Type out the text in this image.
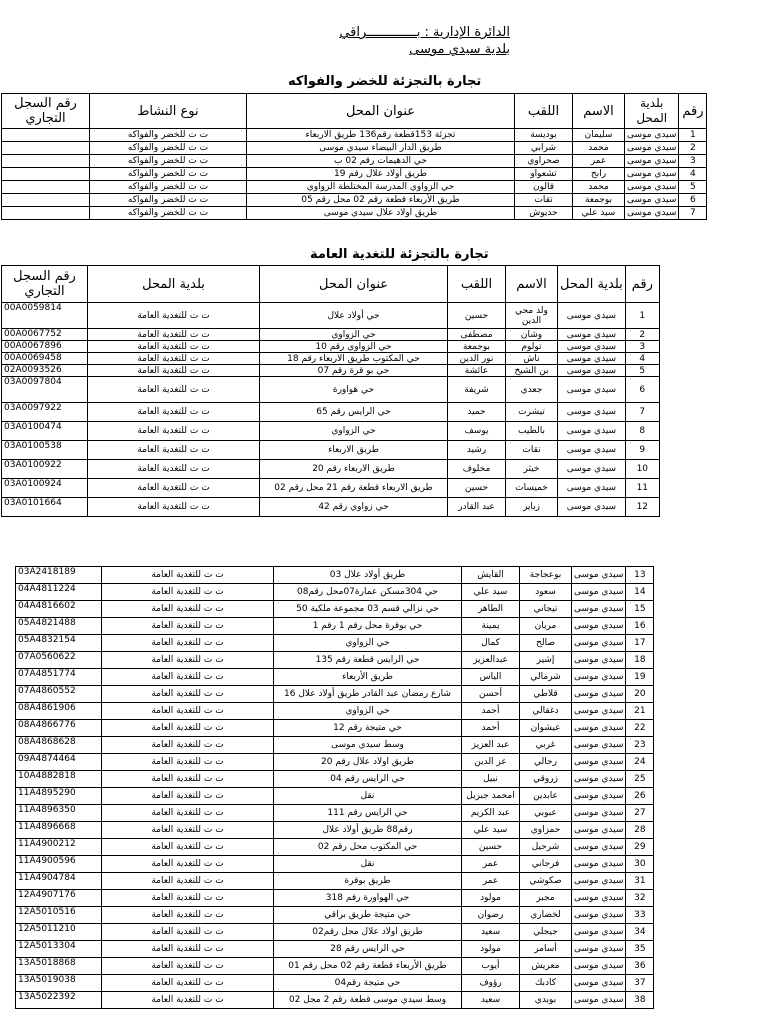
الدائرة الإدارية : بـــــــــــــراقي
بلدية سيدي موسى
تجارة بالتجزئة للخضر والفواكه
رقم	بلدية المحل	الاسم	اللقب	عنوان المحل	نوع النشاط	رقم السجل التجاري
1	سيدي موسى	سليمان	بوديسة	تجزئة 153قطعة رقم136 طريق الاربعاء	ت ت للخضر والفواكه	
2	سيدي موسى	محمد	شرابي	طريق الدار البيضاء سيدي موسى	ت ت للخضر والفواكه	
3	سيدي موسى	عمر	صحراوي	حي الدهيمات رقم 02 ب	ت ت للخضر والفواكه	
4	سيدي موسى	رابح	تشعواو	طريق أولاد علال رقم 19	ت ت للخضر والفواكه	
5	سيدي موسى	محمد	قالون	حي الزواوي المدرسة المختلطة الزواوي	ت ت للخضر والفواكه	
6	سيدي موسى	بوجمعة	تقات	طريق الأربعاء قطعة رقم 02 محل رقم 05	ت ت للخضر والفواكه	
7	سيدي موسى	سيد علي	حديوش	طريق اولاد علال سيدي موسى	ت ت للخضر والفواكه	
تجارة بالتجزئة للتغدية العامة
رقم	بلدية المحل	الاسم	اللقب	عنوان المحل	بلدية المحل	رقم السجل التجاري
1	سيدي موسى	ولد محي الدين	حسين	حي أولاد علال	ت ت للتغدية العامة	00A0059814
2	سيدي موسى	وشان	مصطفى	حي الزواوي	ت ت للتغدية العامة	00A0067752
3	سيدي موسى	تولوم	بوجمعة	حي الزواوي رقم 10	ت ت للتغدية العامة	00A0067896
4	سيدي موسى	ناش	نور الدين	حي المكتوب طريق الاربعاء رقم 18	ت ت للتغدية العامة	00A0069458
5	سيدي موسى	بن الشيخ	عائشة	حي بو قرة رقم 07	ت ت للتغدية العامة	02A0093526
6	سيدي موسى	جعدي	شريفة	حي هواورة	ت ت للتغدية العامة	03A0097804
7	سيدي موسى	تيشرت	حميد	حي الرايس رقم 65	ت ت للتغدية العامة	03A0097922
8	سيدي موسى	بالطيب	يوسف	حي الزواوي	ت ت للتغدية العامة	03A0100474
9	سيدي موسى	تقات	رشيد	طريق الاربعاء	ت ت للتغدية العامة	03A0100538
10	سيدي موسى	خيثر	مخلوف	طريق الاربعاء رقم 20	ت ت للتغدية العامة	03A0100922
11	سيدي موسى	خميسات	حسين	طريق الاربعاء قطعة رقم 21 محل رقم 02	ت ت للتغدية العامة	03A0100924
12	سيدي موسى	زباير	عبد القادر	حي زواوي رقم 42	ت ت للتغدية العامة	03A0101664
13	سيدي موسى	بوعجاجة	القايش	طريق أولاد علال 03	ت ت للتغدية العامة	03A2418189
14	سيدي موسى	سعود	سيد علي	حي 304مسكن عمارة07محل رقم08	ت ت للتغدية العامة	04A4811224
15	سيدي موسى	تيجاني	الطاهر	حي نزالي قسم 03 مجموعة ملكية 50	ت ت للتغدية العامة	04A4816602
16	سيدي موسى	مريان	يمينة	حي بوقرة محل رقم 1 رقم 1	ت ت للتغدية العامة	05A4821488
17	سيدي موسى	صالح	كمال	حي الزواوي	ت ت للتغدية العامة	05A4832154
18	سيدي موسى	إشير	عبدالعزيز	حي الرايس قطعة رقم 135	ت ت للتغدية العامة	07A0560622
19	سيدي موسى	شرمالي	الياس	طريق الأربعاء	ت ت للتغدية العامة	07A4851774
20	سيدي موسى	قلاطي	أحسن	شارع رمضان عبد القادر طريق أولاد علال 16	ت ت للتغدية العامة	07A4860552
21	سيدي موسى	دغقالي	أحمد	حي الزواوي	ت ت للتغدية العامة	08A4861906
22	سيدي موسى	عيشوان	أحمد	حي متيجة رقم 12	ت ت للتغدية العامة	08A4866776
23	سيدي موسى	غربي	عبد العزيز	وسط سيدي موسى	ت ت للتغدية العامة	08A4868628
24	سيدي موسى	رحالي	عز الدين	طريق اولاد علال رقم 20	ت ت للتغدية العامة	09A4874464
25	سيدي موسى	زروقي	نبيل	حي الرايس رقم 04	ت ت للتغدية العامة	10A4882818
26	سيدي موسى	عابدين	امحمد جبريل	نقل	ت ت للتغدية العامة	11A4895290
27	سيدي موسى	عبوبي	عبد الكريم	حي الرايس رقم 111	ت ت للتغدية العامة	11A4896350
28	سيدي موسى	حمزاوي	سيد علي	رقم88 طريق أولاد علال	ت ت للتغدية العامة	11A4896668
29	سيدي موسى	شرحيل	حسين	حي المكتوب محل رقم 02	ت ت للتغدية العامة	11A4900212
30	سيدي موسى	فرجاني	عمر	نقل	ت ت للتغدية العامة	11A4900596
31	سيدي موسى	صكوشي	عمر	طريق بوقرة	ت ت للتغدية العامة	11A4904784
32	سيدي موسى	مجبر	مولود	حي الهواورة رقم 318	ت ت للتغدية العامة	12A4907176
33	سيدي موسى	لخضاري	رضوان	حي متيجة طريق براقي	ت ت للتغدية العامة	12A5010516
34	سيدي موسى	جيجلي	سعيد	طريق اولاد علال محل رقم02	ت ت للتغدية العامة	12A5011210
35	سيدي موسى	أسامر	مولود	حي الرايس رقم 28	ت ت للتغدية العامة	12A5013304
36	سيدي موسى	معريش	أيوب	طريق الأربعاء قطعة رقم 02 محل رقم 01	ت ت للتغدية العامة	13A5018868
37	سيدي موسى	كادبك	رؤوف	حي متيجة رقم04	ت ت للتغدية العامة	13A5019038
38	سيدي موسى	بوبدي	سعيد	وسط سيدي موسى قطعة رقم 2 محل 02	ت ت للتغدية العامة	13A5022392
